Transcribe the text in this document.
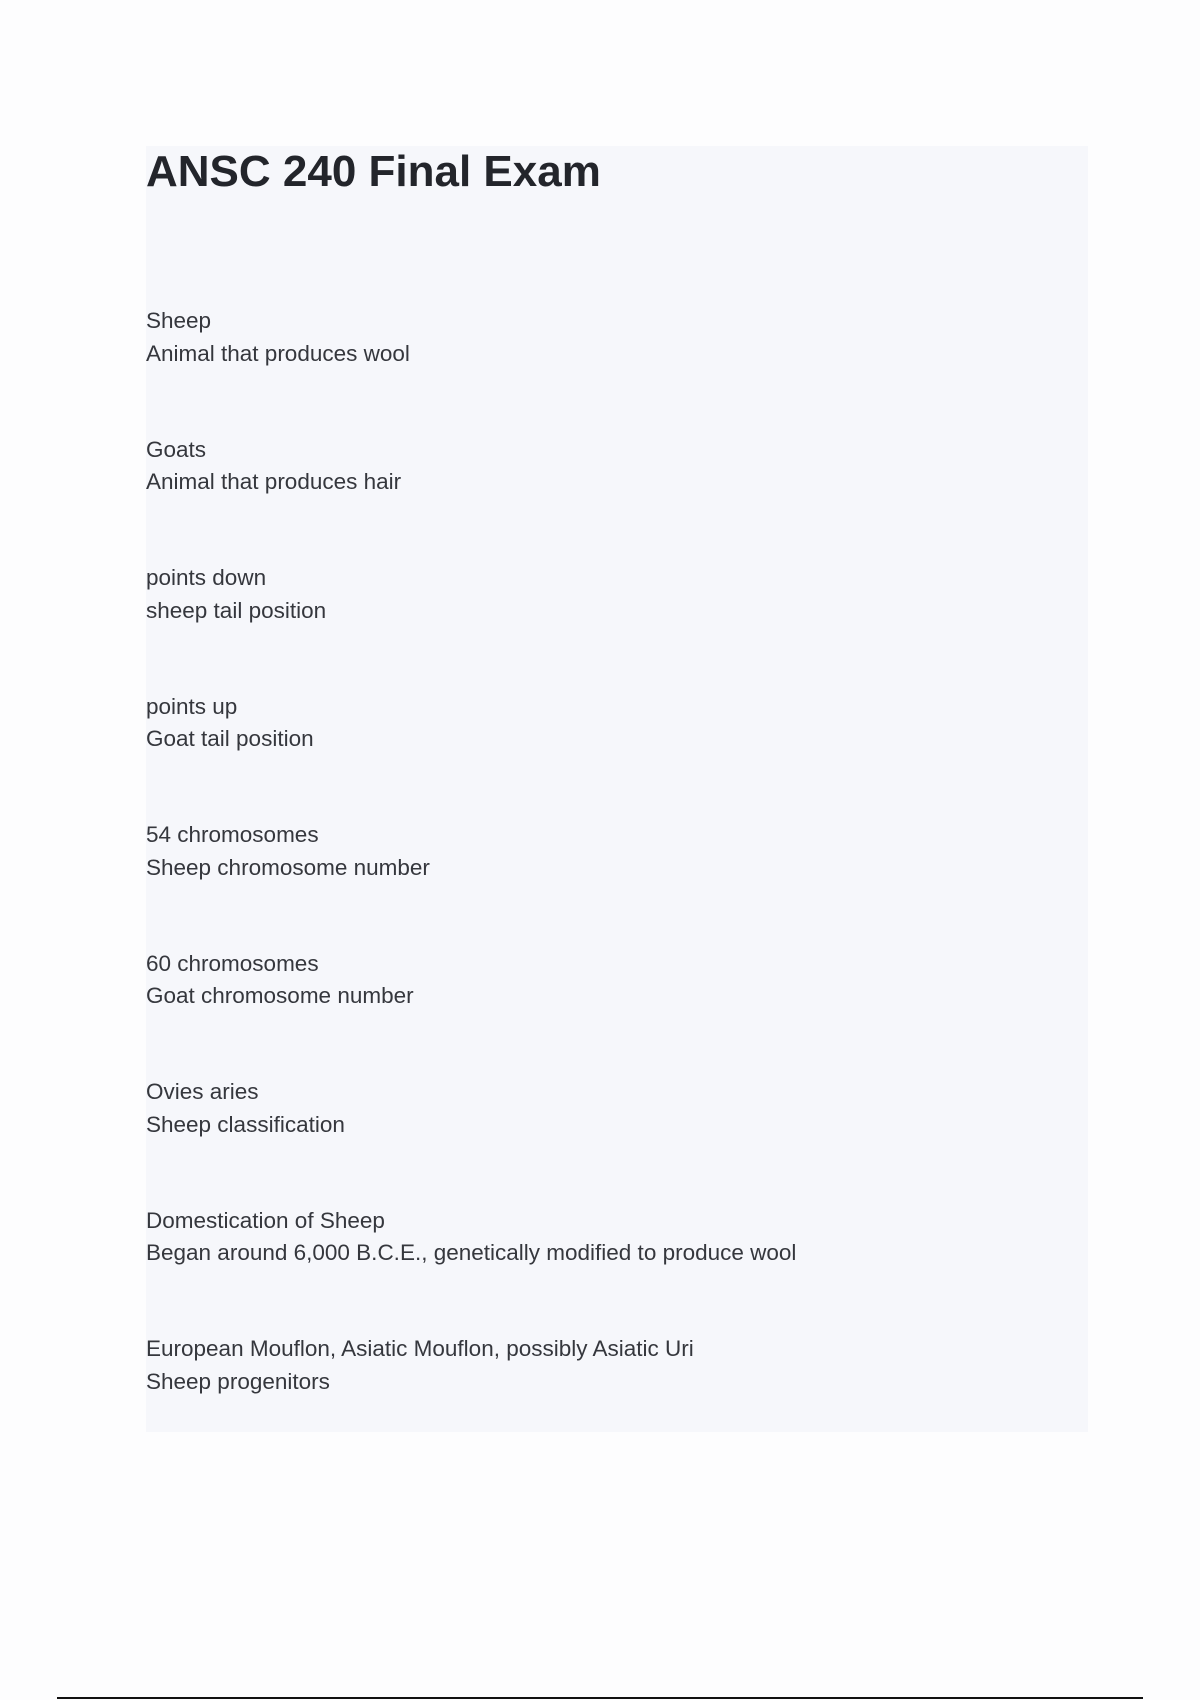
ANSC 240 Final Exam
Sheep
Animal that produces wool
Goats
Animal that produces hair
points down
sheep tail position
points up
Goat tail position
54 chromosomes
Sheep chromosome number
60 chromosomes
Goat chromosome number
Ovies aries
Sheep classification
Domestication of Sheep
Began around 6,000 B.C.E., genetically modified to produce wool
European Mouflon, Asiatic Mouflon, possibly Asiatic Uri
Sheep progenitors
